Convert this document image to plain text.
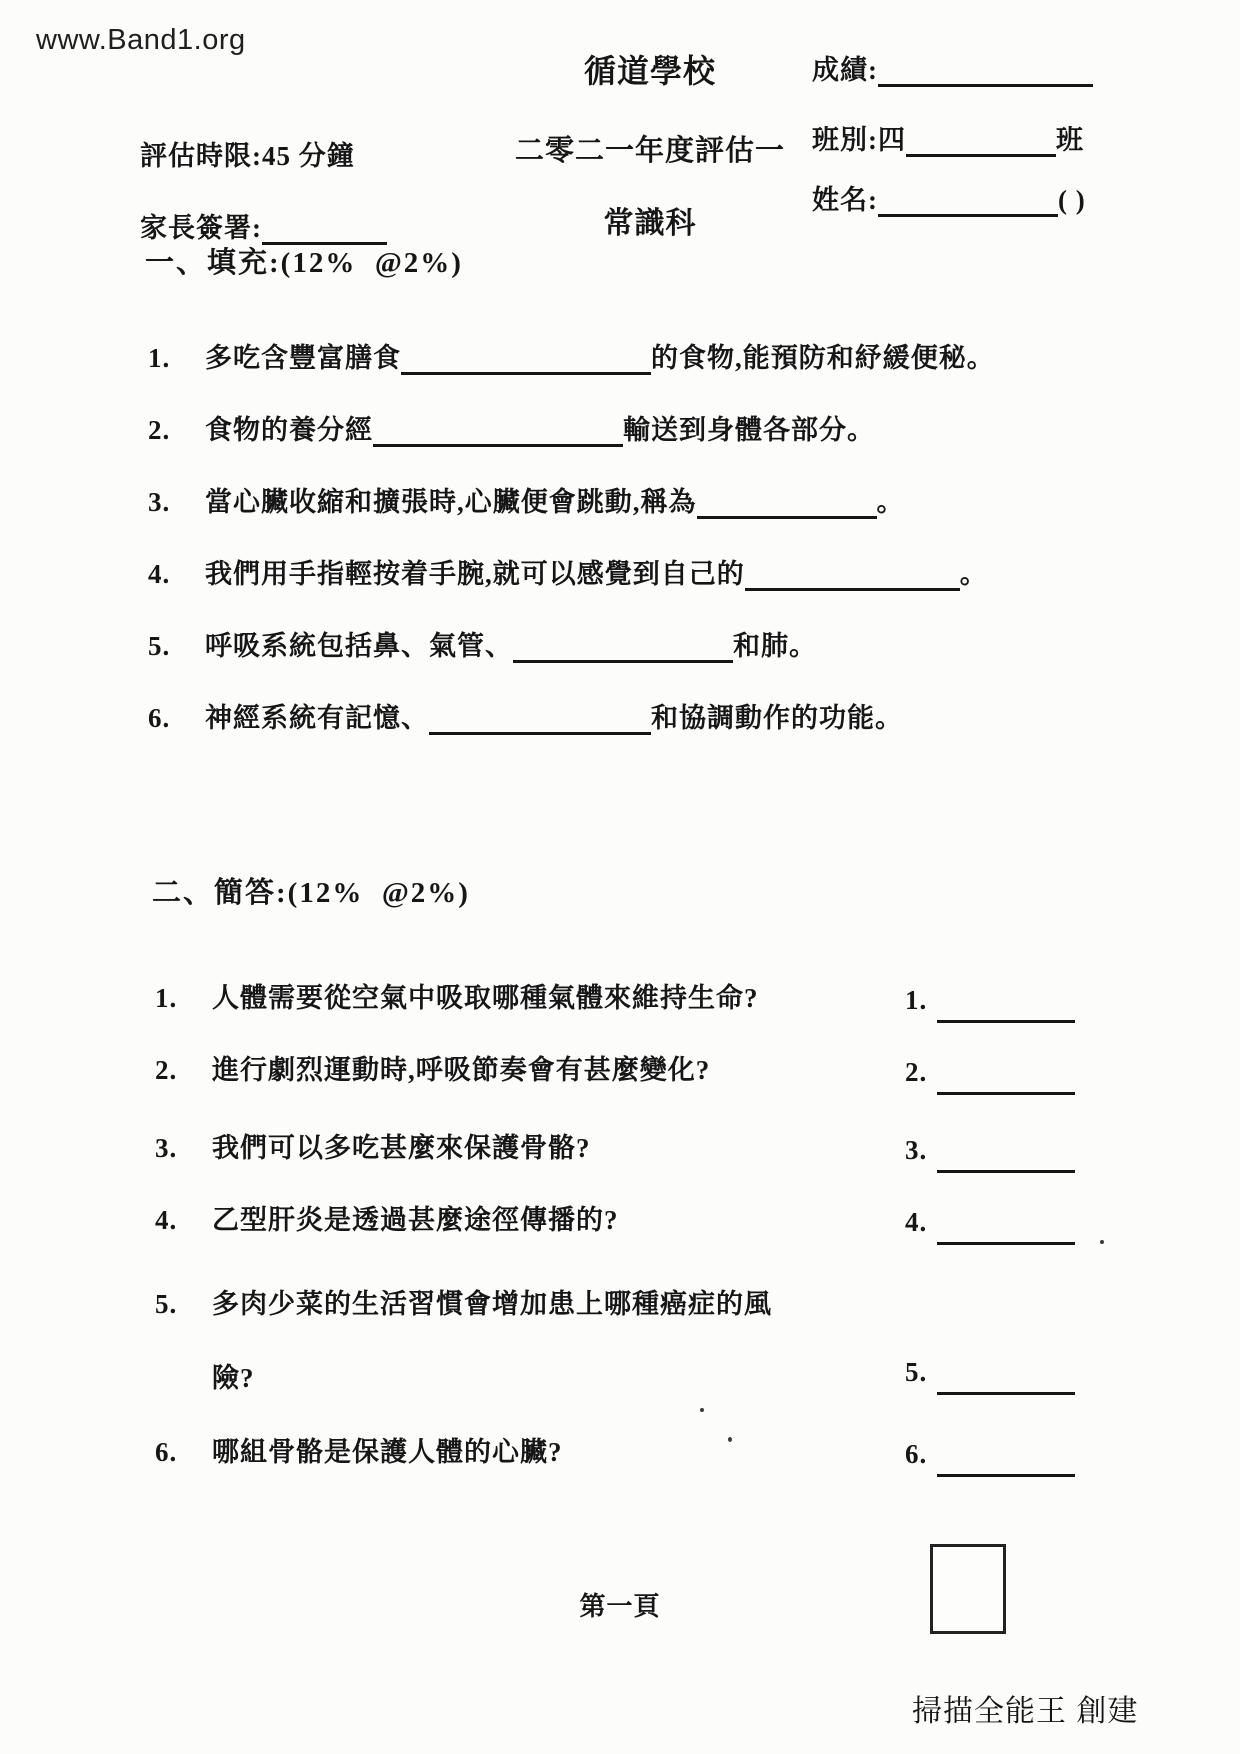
www.Band1.org
循道學校
二零二一年度評估一
常識科
評估時限:45 分鐘
家長簽署:
成績:
班別:四	班
姓名:	( )
一、填充:(12%  @2%)
1. 多吃含豐富膳食	的食物,能預防和紓緩便秘。
2. 食物的養分經	輸送到身體各部分。
3. 當心臟收縮和擴張時,心臟便會跳動,稱為	。
4. 我們用手指輕按着手腕,就可以感覺到自己的	。
5. 呼吸系統包括鼻、氣管、	和肺。
6. 神經系統有記憶、	和協調動作的功能。
二、簡答:(12%  @2%)
1. 人體需要從空氣中吸取哪種氣體來維持生命?	1.
2. 進行劇烈運動時,呼吸節奏會有甚麼變化?	2.
3. 我們可以多吃甚麼來保護骨骼?	3.
4. 乙型肝炎是透過甚麼途徑傳播的?	4.
5. 多肉少菜的生活習慣會增加患上哪種癌症的風
險?	5.
6. 哪組骨骼是保護人體的心臟?	6.
第一頁
掃描全能王 創建
